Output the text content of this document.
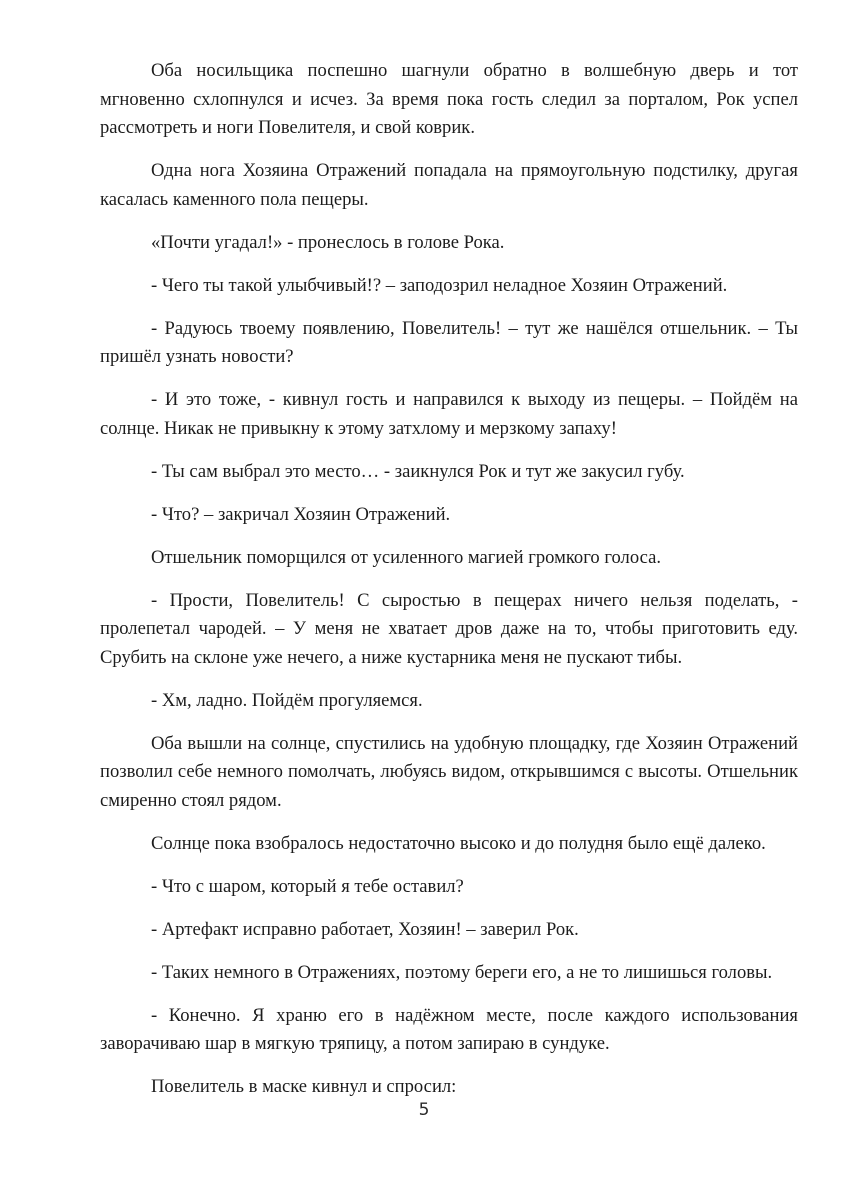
Оба носильщика поспешно шагнули обратно в волшебную дверь и тот мгновенно схлопнулся и исчез. За время пока гость следил за порталом, Рок успел рассмотреть и ноги Повелителя, и свой коврик.

Одна нога Хозяина Отражений попадала на прямоугольную подстилку, другая касалась каменного пола пещеры.

«Почти угадал!» - пронеслось в голове Рока.

- Чего ты такой улыбчивый!? – заподозрил неладное Хозяин Отражений.

- Радуюсь твоему появлению, Повелитель! – тут же нашёлся отшельник. – Ты пришёл узнать новости?

- И это тоже, - кивнул гость и направился к выходу из пещеры. – Пойдём на солнце. Никак не привыкну к этому затхлому и мерзкому запаху!

- Ты сам выбрал это место… - заикнулся Рок и тут же закусил губу.

- Что? – закричал Хозяин Отражений.

Отшельник поморщился от усиленного магией громкого голоса.

- Прости, Повелитель! С сыростью в пещерах ничего нельзя поделать, - пролепетал чародей. – У меня не хватает дров даже на то, чтобы приготовить еду. Срубить на склоне уже нечего, а ниже кустарника меня не пускают тибы.

- Хм, ладно. Пойдём прогуляемся.

Оба вышли на солнце, спустились на удобную площадку, где Хозяин Отражений позволил себе немного помолчать, любуясь видом, открывшимся с высоты. Отшельник смиренно стоял рядом.

Солнце пока взобралось недостаточно высоко и до полудня было ещё далеко.

- Что с шаром, который я тебе оставил?

- Артефакт исправно работает, Хозяин! – заверил Рок.

- Таких немного в Отражениях, поэтому береги его, а не то лишишься головы.

- Конечно. Я храню его в надёжном месте, после каждого использования заворачиваю шар в мягкую тряпицу, а потом запираю в сундуке.

Повелитель в маске кивнул и спросил:

5
